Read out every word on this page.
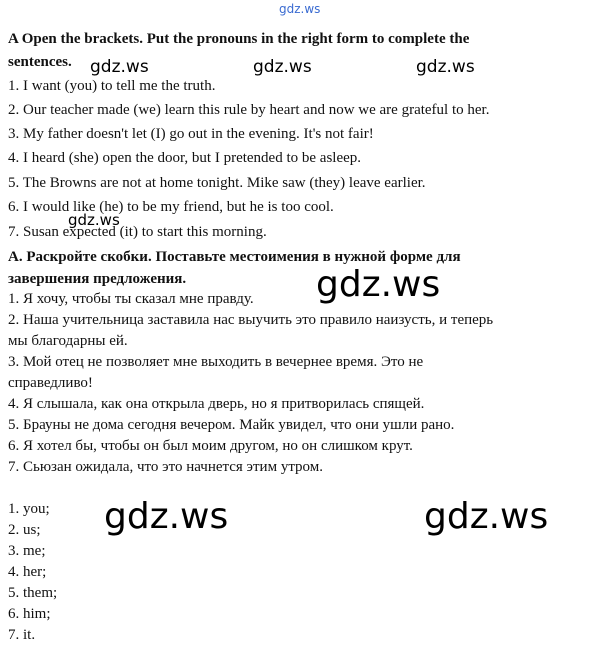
gdz.ws
A Open the brackets. Put the pronouns in the right form to complete the
sentences. gdz.ws	gdz.ws	gdz.ws
1. I want (you) to tell me the truth.
2. Our teacher made (we) learn this rule by heart and now we are grateful to her.
3. My father doesn't let (I) go out in the evening. It's not fair!
4. I heard (she) open the door, but I pretended to be asleep.
5. The Browns are not at home tonight. Mike saw (they) leave earlier.
6. I would like (he) to be my friend, but he is too cool.
gdz.ws
7. Susan expected (it) to start this morning.
А. Раскройте скобки. Поставьте местоимения в нужной форме для
завершения предложения.
1. Я хочу, чтобы ты сказал мне правду. gdz.ws
2. Наша учительница заставила нас выучить это правило наизусть, и теперь
мы благодарны ей.
3. Мой отец не позволяет мне выходить в вечернее время. Это не
справедливо!
4. Я слышала, как она открыла дверь, но я притворилась спящей.
5. Брауны не дома сегодня вечером. Майк увидел, что они ушли рано.
6. Я хотел бы, чтобы он был моим другом, но он слишком крут.
7. Сьюзан ожидала, что это начнется этим утром.
1. you;
2. us;
3. me;
4. her;
5. them;
6. him;
7. it.
gdz.ws	gdz.ws
